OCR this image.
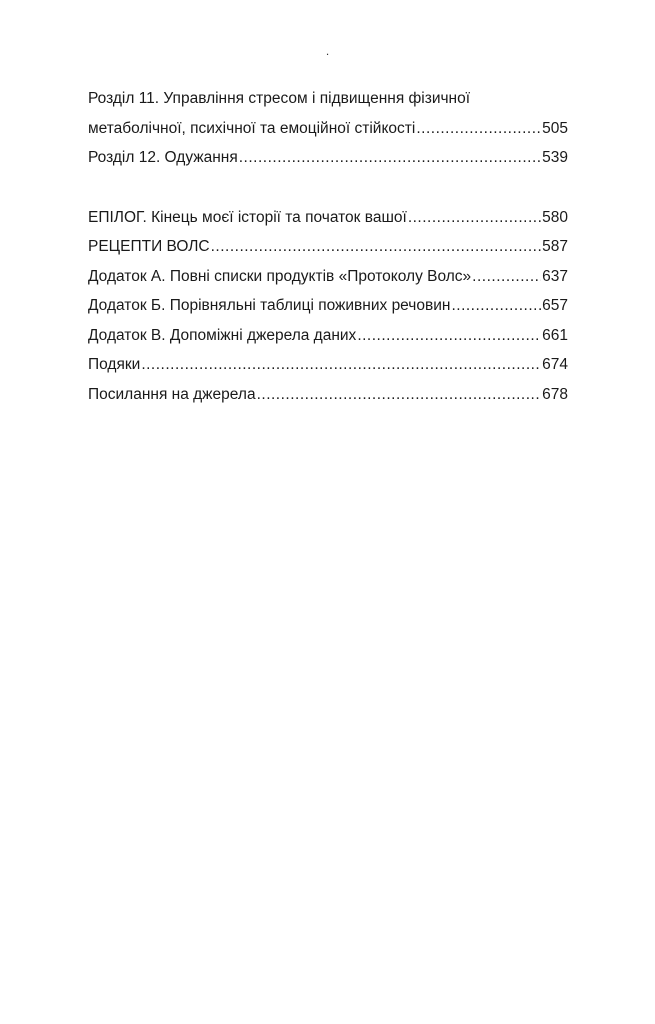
.
Розділ 11. Управління стресом і підвищення фізичної
метаболічної, психічної та емоційної стійкості .....	505
Розділ 12. Одужання .....	539
ЕПІЛОГ. Кінець моєї історії та початок вашої .....	580
РЕЦЕПТИ ВОЛС .....	587
Додаток А. Повні списки продуктів «Протоколу Волс» .....	637
Додаток Б. Порівняльні таблиці поживних речовин .....	657
Додаток В. Допоміжні джерела даних .....	661
Подяки .....	674
Посилання на джерела .....	678
